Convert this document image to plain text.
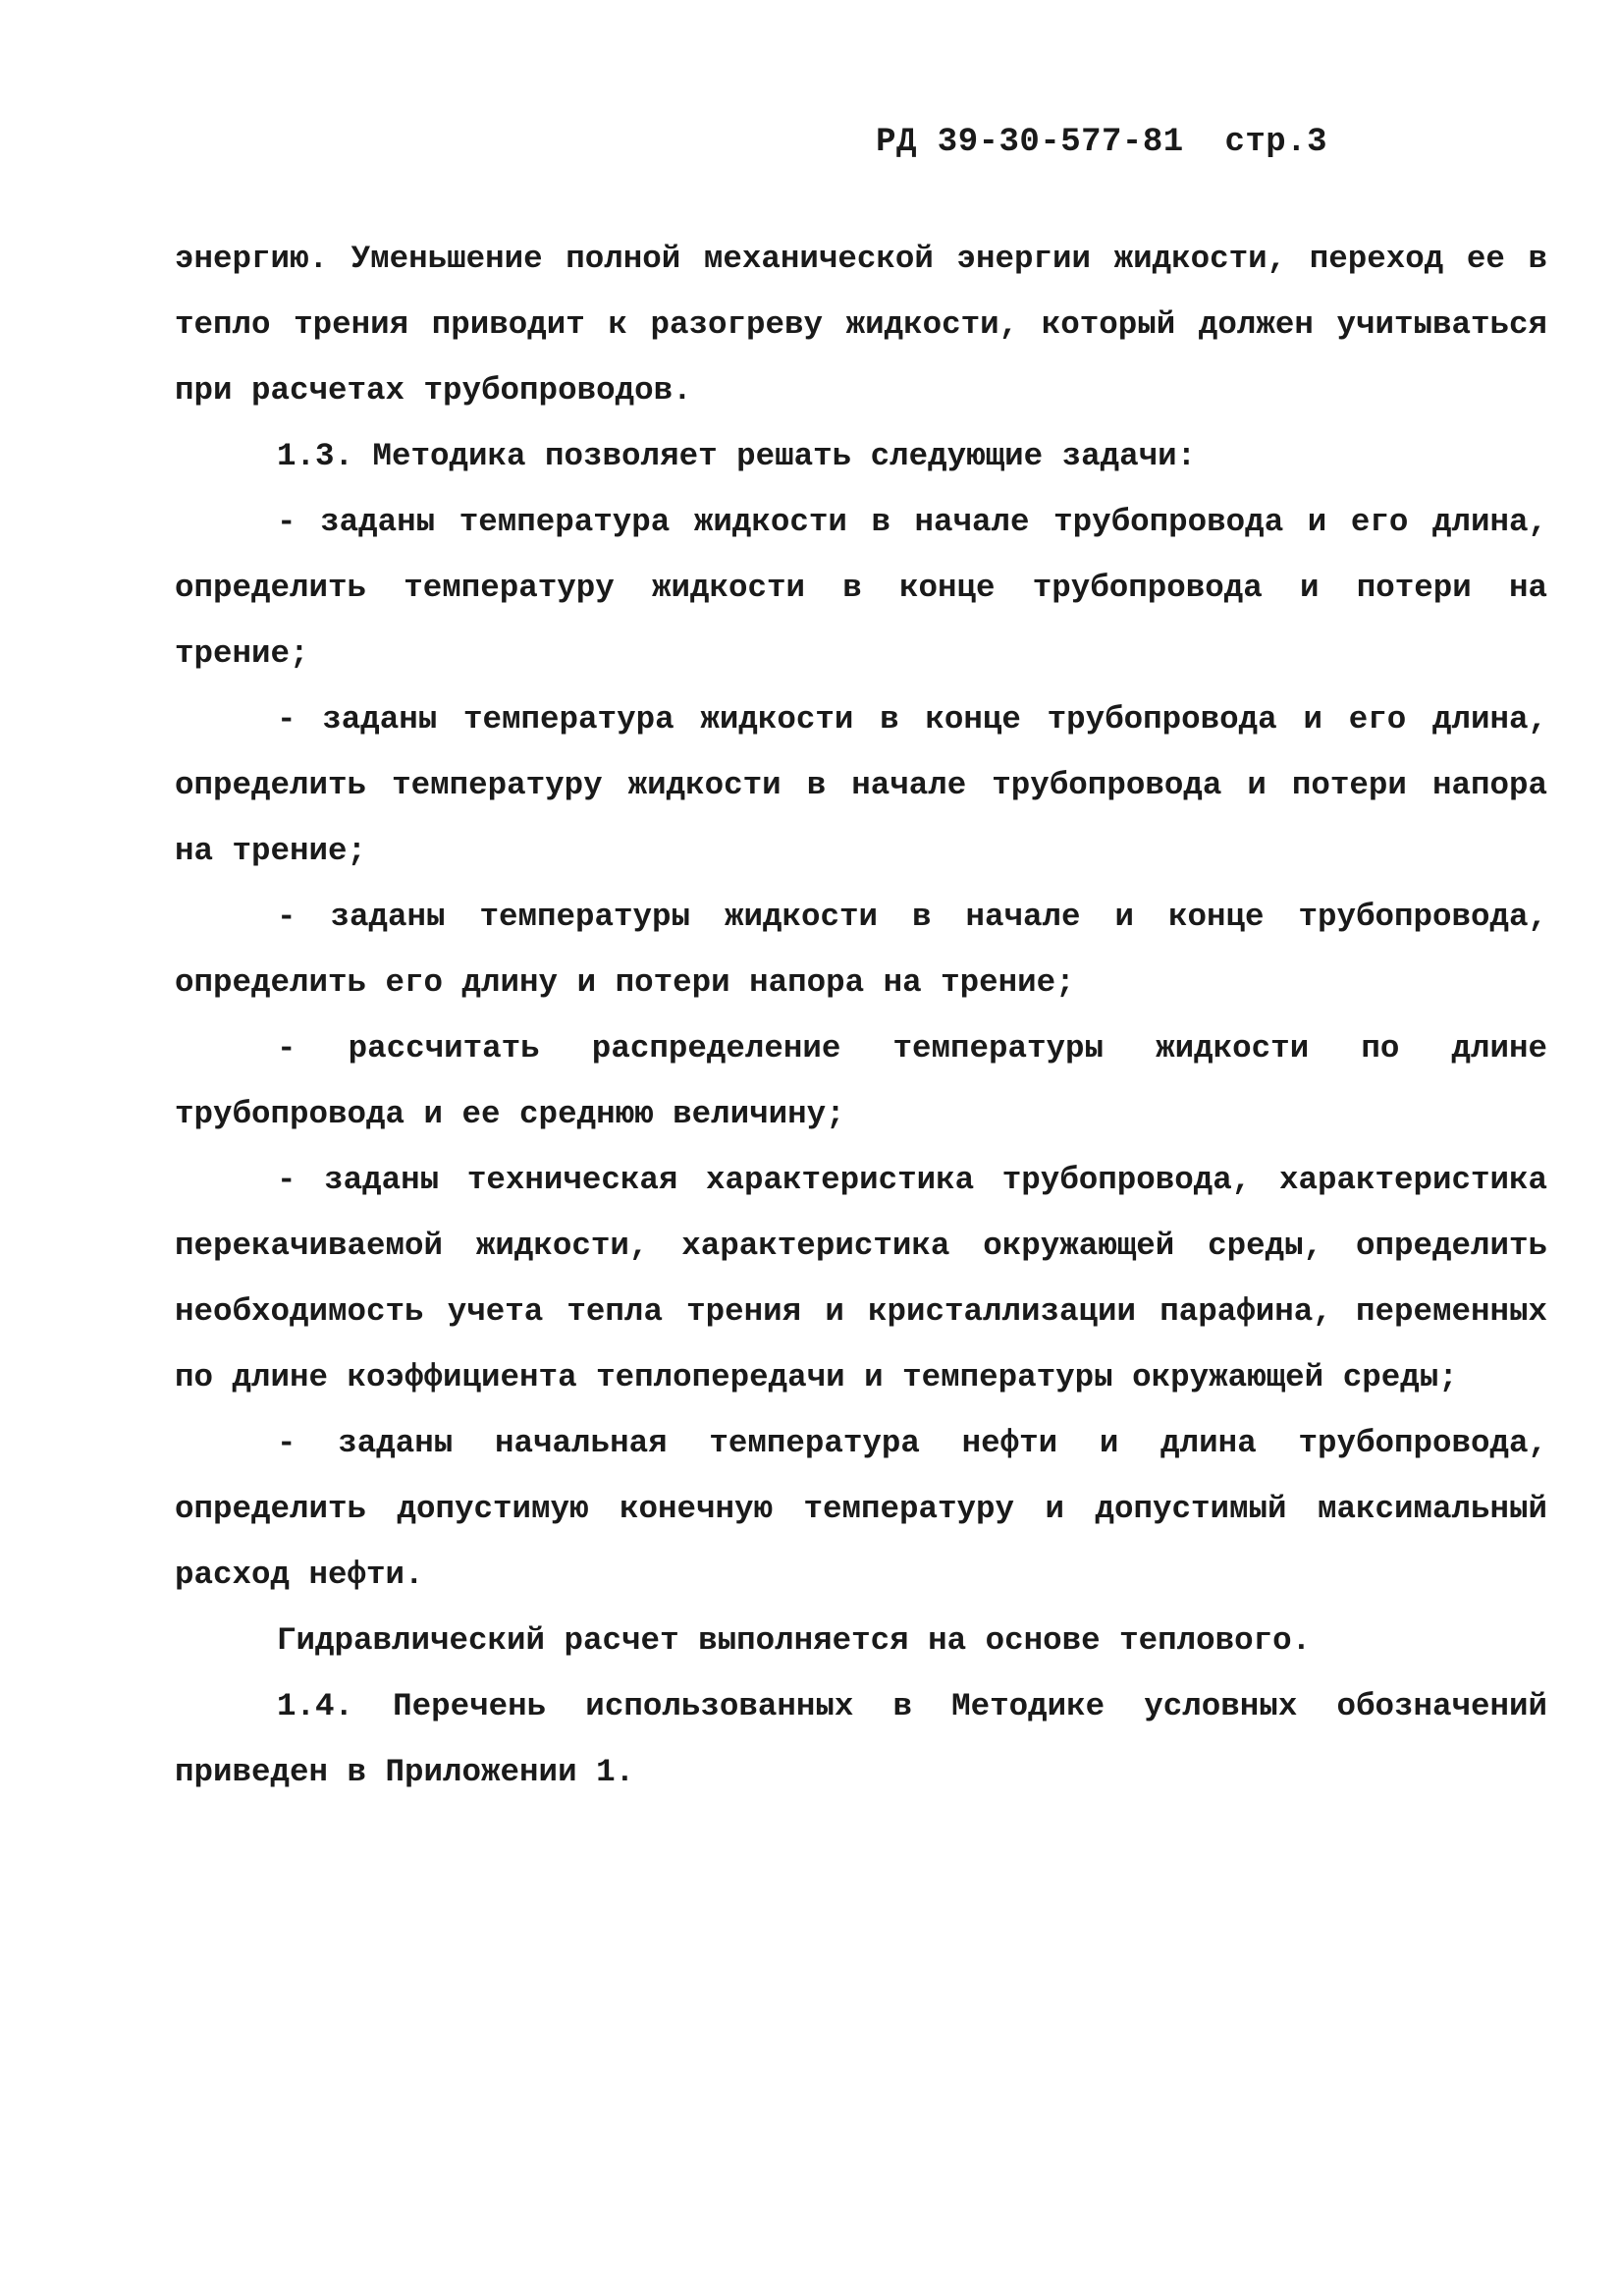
РД 39-30-577-81 стр.3

энергию. Уменьшение полной механической энергии жидкости, переход ее в тепло трения приводит к разогреву жидкости, который должен учитываться при расчетах трубопроводов.

1.3. Методика позволяет решать следующие задачи:

- заданы температура жидкости в начале трубопровода и его длина, определить температуру жидкости в конце трубопровода и потери на трение;

- заданы температура жидкости в конце трубопровода и его длина, определить температуру жидкости в начале трубопровода и потери напора на трение;

- заданы температуры жидкости в начале и конце трубопровода, определить его длину и потери напора на трение;

- рассчитать распределение температуры жидкости по длине трубопровода и ее среднюю величину;

- заданы техническая характеристика трубопровода, характеристика перекачиваемой жидкости, характеристика окружающей среды, определить необходимость учета тепла трения и кристаллизации парафина, переменных по длине коэффициента теплопередачи и температуры окружающей среды;

- заданы начальная температура нефти и длина трубопровода, определить допустимую конечную температуру и допустимый максимальный расход нефти.

Гидравлический расчет выполняется на основе теплового.

1.4. Перечень использованных в Методике условных обозначений приведен в Приложении 1.
